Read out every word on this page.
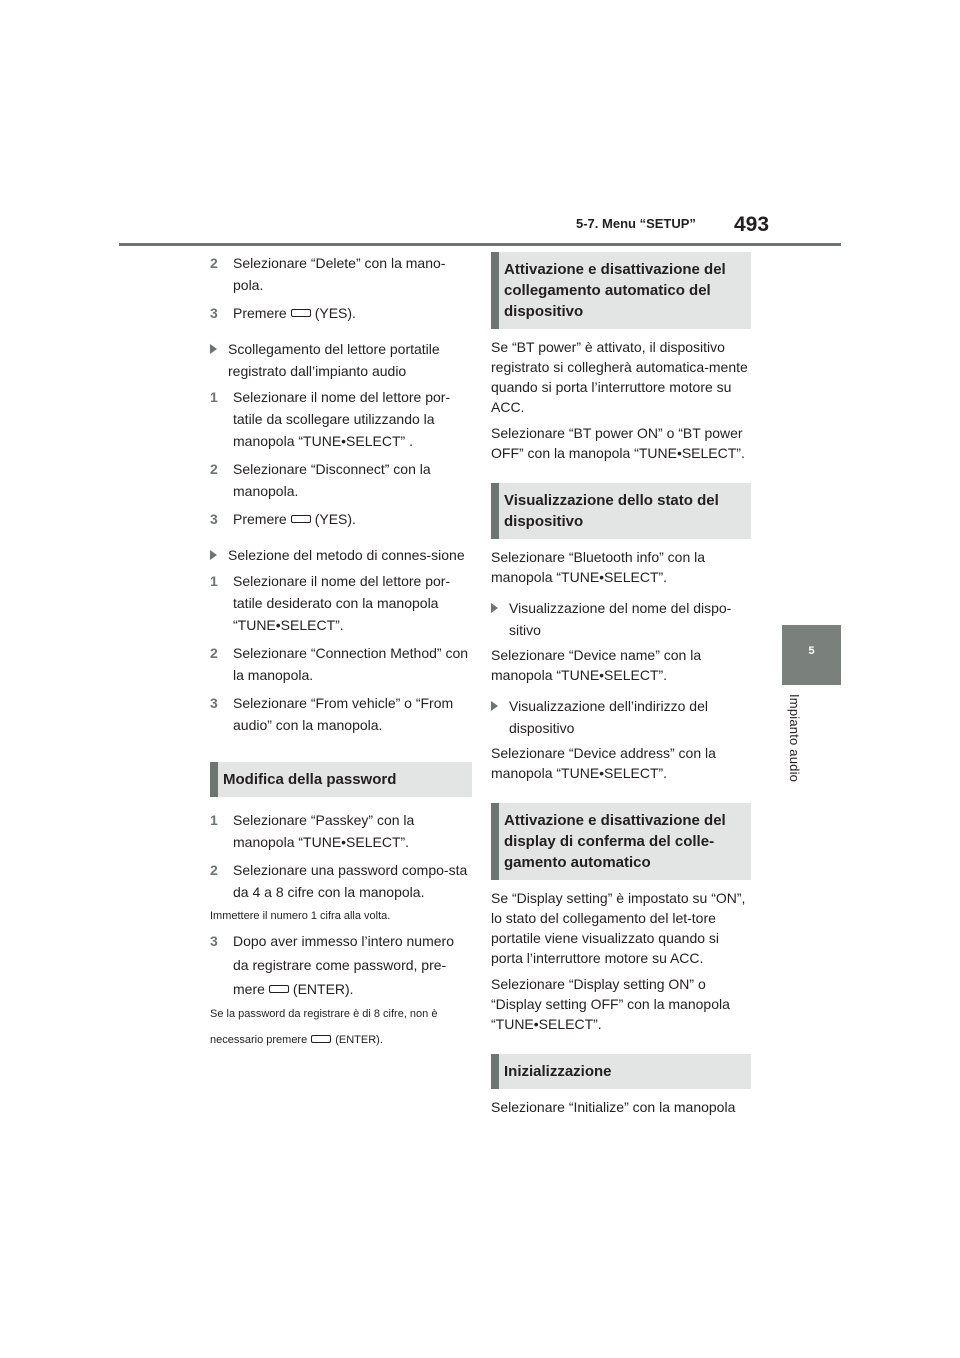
5-7. Menu “SETUP” 493
5
Impianto audio
2 Selezionare “Delete” con la mano-pola.
3 Premere (YES).
Scollegamento del lettore portatile registrato dall’impianto audio
1 Selezionare il nome del lettore por-tatile da scollegare utilizzando la manopola “TUNE•SELECT” .
2 Selezionare “Disconnect” con la manopola.
3 Premere (YES).
Selezione del metodo di connes-sione
1 Selezionare il nome del lettore por-tatile desiderato con la manopola “TUNE•SELECT”.
2 Selezionare “Connection Method” con la manopola.
3 Selezionare “From vehicle” o “From audio” con la manopola.
Modifica della password
1 Selezionare “Passkey” con la manopola “TUNE•SELECT”.
2 Selezionare una password compo-sta da 4 a 8 cifre con la manopola.
Immettere il numero 1 cifra alla volta.
3 Dopo aver immesso l’intero numero da registrare come password, pre-mere (ENTER).
Se la password da registrare è di 8 cifre, non è necessario premere	(ENTER).
Attivazione e disattivazione del collegamento automatico del dispositivo
Se “BT power” è attivato, il dispositivo registrato si collegherà automatica-mente quando si porta l’interruttore motore su ACC.
Selezionare “BT power ON” o “BT power OFF” con la manopola “TUNE•SELECT”.
Visualizzazione dello stato del dispositivo
Selezionare “Bluetooth info” con la manopola “TUNE•SELECT”.
Visualizzazione del nome del dispo-sitivo
Selezionare “Device name” con la manopola “TUNE•SELECT”.
Visualizzazione dell’indirizzo del dispositivo
Selezionare “Device address” con la manopola “TUNE•SELECT”.
Attivazione e disattivazione del display di conferma del colle-gamento automatico
Se “Display setting” è impostato su “ON”, lo stato del collegamento del let-tore portatile viene visualizzato quando si porta l’interruttore motore su ACC.
Selezionare “Display setting ON” o “Display setting OFF” con la manopola “TUNE•SELECT”.
Inizializzazione
Selezionare “Initialize” con la manopola
